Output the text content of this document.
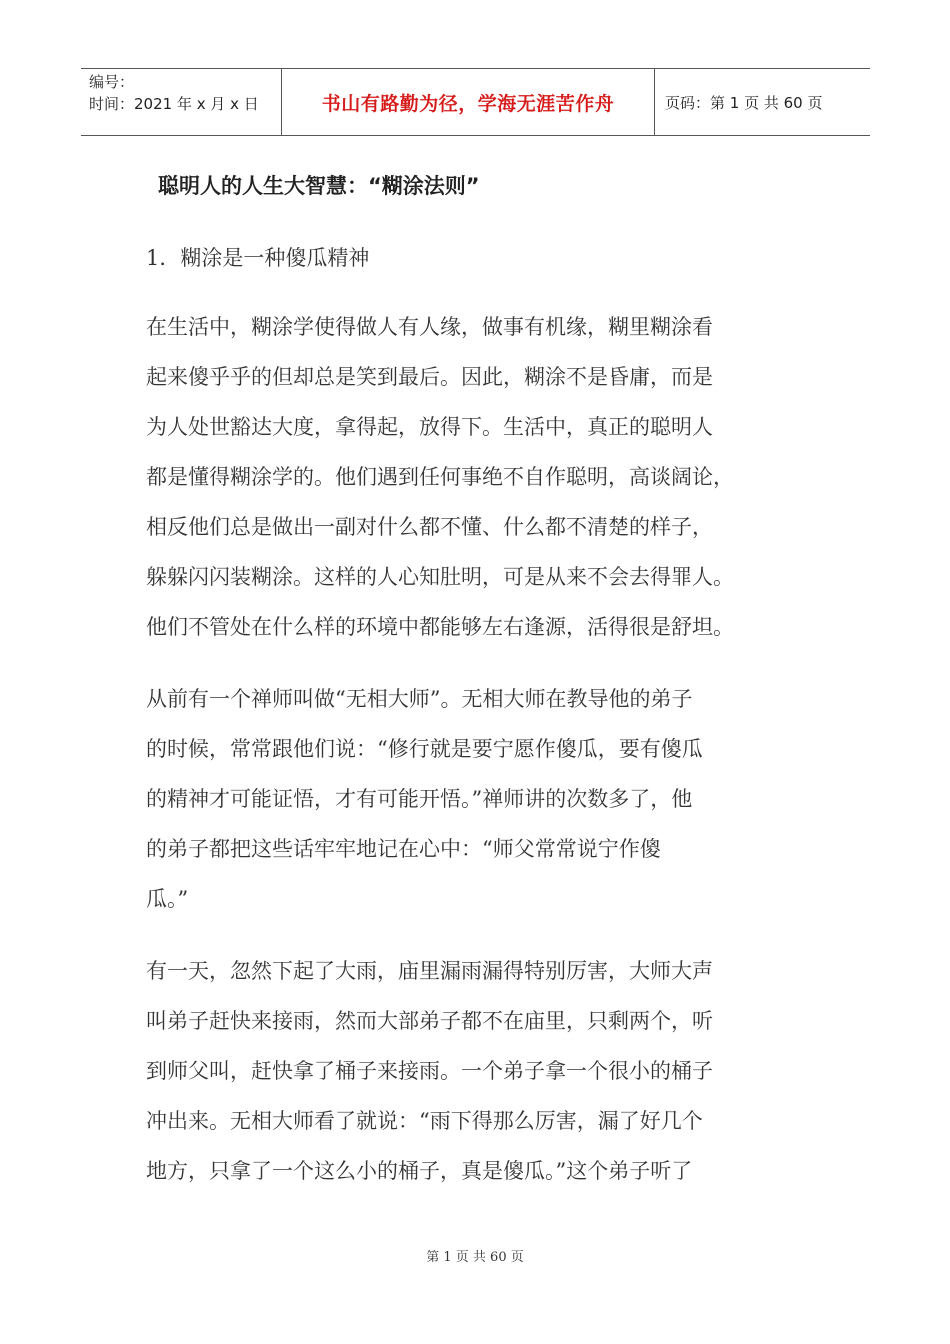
编号：
时间：2021 年 x 月 x 日	书山有路勤为径，学海无涯苦作舟	页码：第 1 页 共 60 页
聪明人的人生大智慧：“糊涂法则”
1．糊涂是一种傻瓜精神
在生活中，糊涂学使得做人有人缘，做事有机缘，糊里糊涂看
起来傻乎乎的但却总是笑到最后。因此，糊涂不是昏庸，而是
为人处世豁达大度，拿得起，放得下。生活中，真正的聪明人
都是懂得糊涂学的。他们遇到任何事绝不自作聪明，高谈阔论，
相反他们总是做出一副对什么都不懂、什么都不清楚的样子，
躲躲闪闪装糊涂。这样的人心知肚明，可是从来不会去得罪人。
他们不管处在什么样的环境中都能够左右逢源，活得很是舒坦。
从前有一个禅师叫做“无相大师”。无相大师在教导他的弟子
的时候，常常跟他们说：“修行就是要宁愿作傻瓜，要有傻瓜
的精神才可能证悟，才有可能开悟。”禅师讲的次数多了，他
的弟子都把这些话牢牢地记在心中：“师父常常说宁作傻
瓜。”
有一天，忽然下起了大雨，庙里漏雨漏得特别厉害，大师大声
叫弟子赶快来接雨，然而大部弟子都不在庙里，只剩两个，听
到师父叫，赶快拿了桶子来接雨。一个弟子拿一个很小的桶子
冲出来。无相大师看了就说：“雨下得那么厉害，漏了好几个
地方，只拿了一个这么小的桶子，真是傻瓜。”这个弟子听了
第 1 页 共 60 页
